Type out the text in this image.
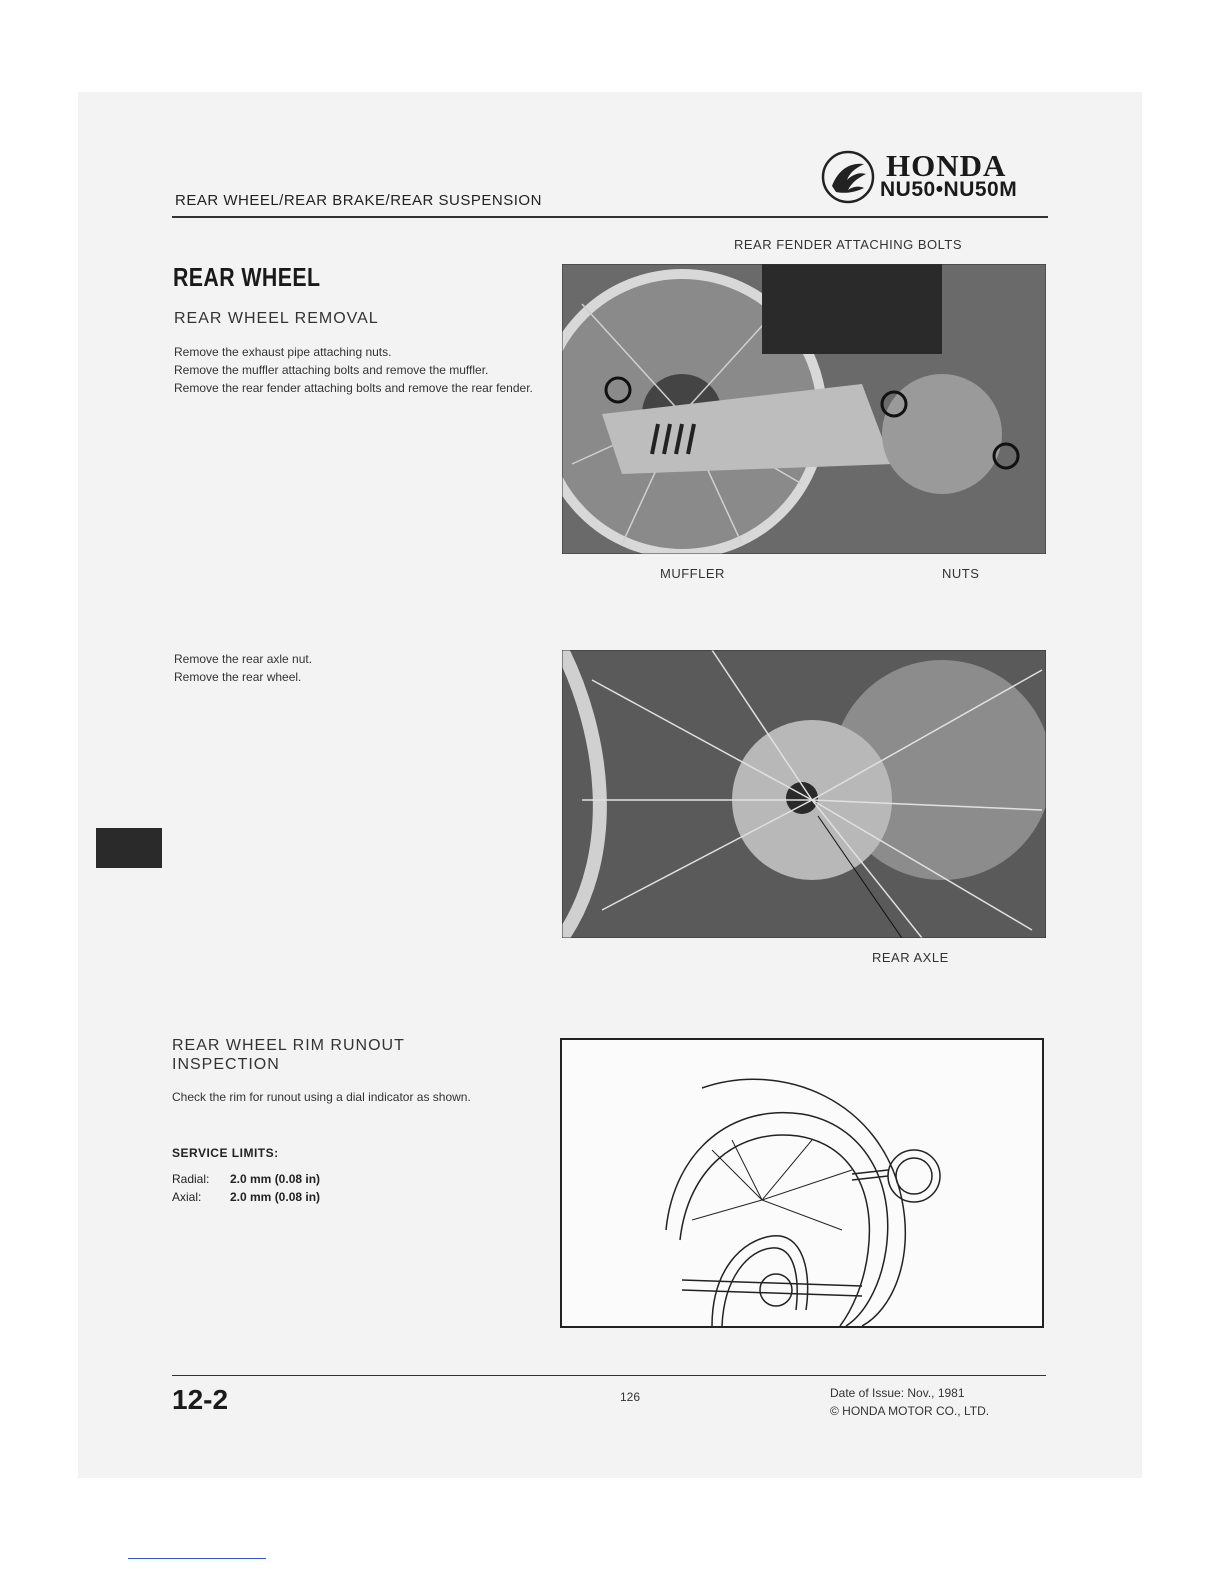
REAR WHEEL/REAR BRAKE/REAR SUSPENSION
HONDA
NU50•NU50M
REAR WHEEL
REAR WHEEL REMOVAL
Remove the exhaust pipe attaching nuts.
Remove the muffler attaching bolts and remove the muffler.
Remove the rear fender attaching bolts and remove the rear fender.
REAR FENDER ATTACHING BOLTS
MUFFLER	NUTS
Remove the rear axle nut.
Remove the rear wheel.
REAR AXLE
REAR WHEEL RIM RUNOUT
INSPECTION
Check the rim for runout using a dial indicator as shown.
SERVICE LIMITS:
Radial: 2.0 mm (0.08 in)
Axial: 2.0 mm (0.08 in)
12-2	126	Date of Issue: Nov., 1981
© HONDA MOTOR CO., LTD.
